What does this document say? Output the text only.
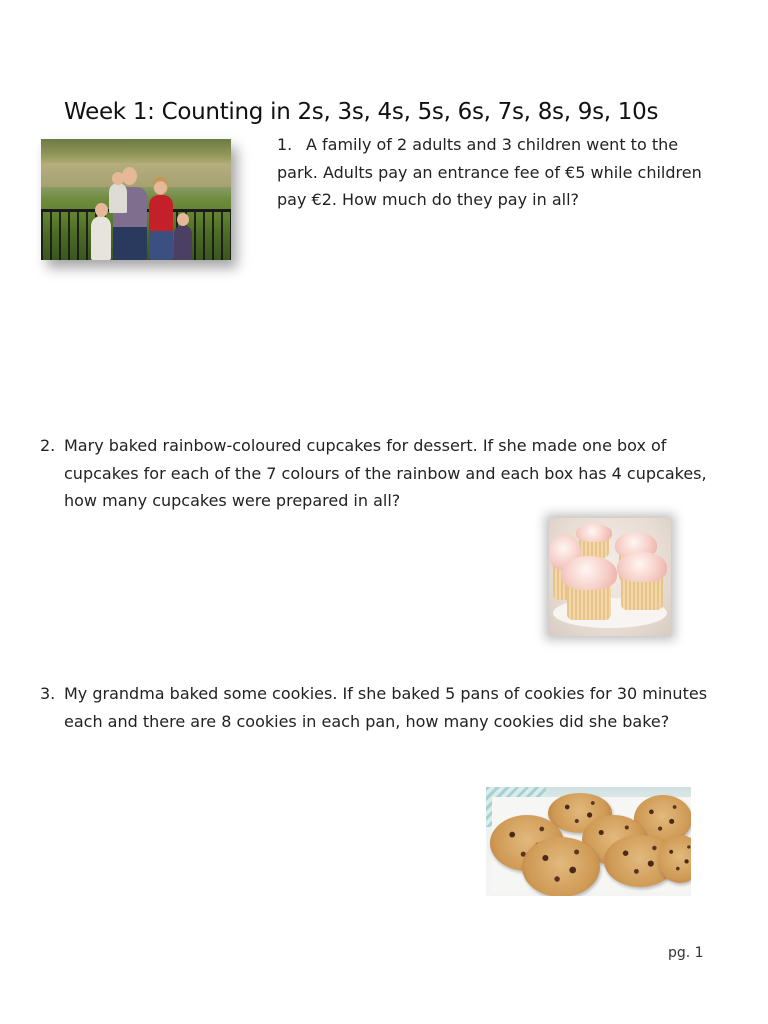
Week 1: Counting in 2s, 3s, 4s, 5s, 6s, 7s, 8s, 9s, 10s
1. A family of 2 adults and 3 children went to the park. Adults pay an entrance fee of €5 while children pay €2. How much do they pay in all?
2. Mary baked rainbow-coloured cupcakes for dessert. If she made one box of cupcakes for each of the 7 colours of the rainbow and each box has 4 cupcakes, how many cupcakes were prepared in all?
3. My grandma baked some cookies. If she baked 5 pans of cookies for 30 minutes each and there are 8 cookies in each pan, how many cookies did she bake?
pg. 1
